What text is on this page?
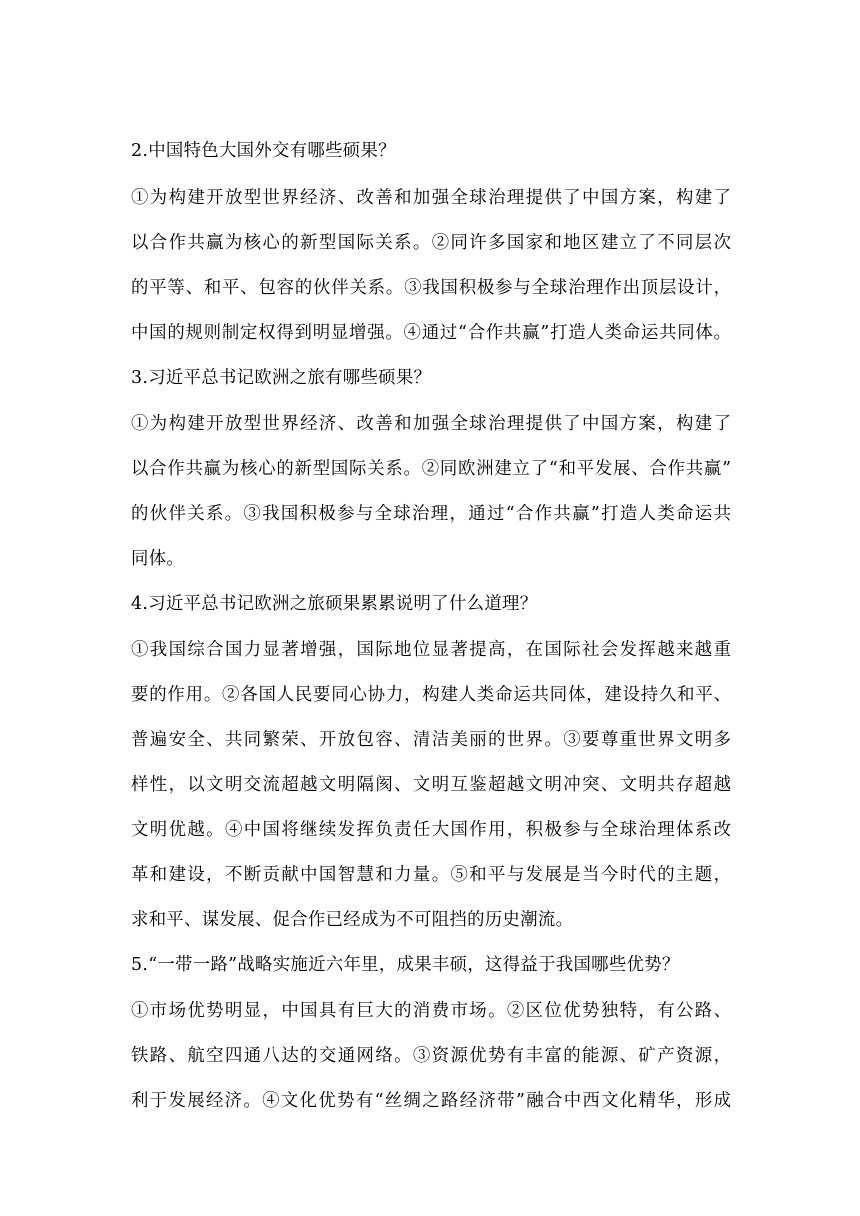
2.中国特色大国外交有哪些硕果？
①为构建开放型世界经济、改善和加强全球治理提供了中国方案，构建了
以合作共赢为核心的新型国际关系。②同许多国家和地区建立了不同层次
的平等、和平、包容的伙伴关系。③我国积极参与全球治理作出顶层设计，
中国的规则制定权得到明显增强。④通过“合作共赢”打造人类命运共同体。
3.习近平总书记欧洲之旅有哪些硕果？
①为构建开放型世界经济、改善和加强全球治理提供了中国方案，构建了
以合作共赢为核心的新型国际关系。②同欧洲建立了“和平发展、合作共赢”
的伙伴关系。③我国积极参与全球治理，通过“合作共赢”打造人类命运共
同体。
4.习近平总书记欧洲之旅硕果累累说明了什么道理？
①我国综合国力显著增强，国际地位显著提高，在国际社会发挥越来越重
要的作用。②各国人民要同心协力，构建人类命运共同体，建设持久和平、
普遍安全、共同繁荣、开放包容、清洁美丽的世界。③要尊重世界文明多
样性，以文明交流超越文明隔阂、文明互鉴超越文明冲突、文明共存超越
文明优越。④中国将继续发挥负责任大国作用，积极参与全球治理体系改
革和建设，不断贡献中国智慧和力量。⑤和平与发展是当今时代的主题，
求和平、谋发展、促合作已经成为不可阻挡的历史潮流。
5.“一带一路”战略实施近六年里，成果丰硕，这得益于我国哪些优势？
①市场优势明显，中国具有巨大的消费市场。②区位优势独特，有公路、
铁路、航空四通八达的交通网络。③资源优势有丰富的能源、矿产资源，
利于发展经济。④文化优势有“丝绸之路经济带”融合中西文化精华，形成
